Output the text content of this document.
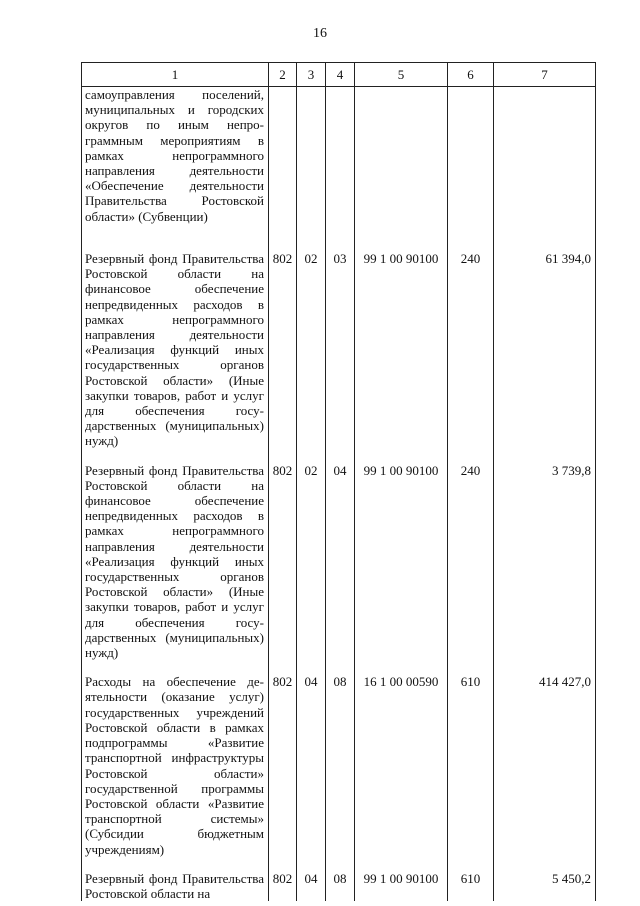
16
1	2	3	4	5	6	7
самоуправления поселений, муниципальных и городских округов по иным непрограммным мероприятиям в рамках непрограммного направления деятельности «Обеспечение деятельности Правительства Ростовской области» (Субвенции)						

Резервный фонд Правительства Ростовской области на финансовое обеспечение непредвиденных расходов в рамках непрограммного направления деятельности «Реализация функций иных государственных органов Ростовской области» (Иные закупки товаров, работ и услуг для обеспечения государственных (муниципальных) нужд)	802	02	03	99 1 00 90100	240	61 394,0

Резервный фонд Правительства Ростовской области на финансовое обеспечение непредвиденных расходов в рамках непрограммного направления деятельности «Реализация функций иных государственных органов Ростовской области» (Иные закупки товаров, работ и услуг для обеспечения государственных (муниципальных) нужд)	802	02	04	99 1 00 90100	240	3 739,8

Расходы на обеспечение деятельности (оказание услуг) государственных учреждений Ростовской области в рамках подпрограммы «Развитие транспортной инфраструктуры Ростовской области» государственной программы Ростовской области «Развитие транспортной системы» (Субсидии бюджетным учреждениям)	802	04	08	16 1 00 00590	610	414 427,0

Резервный фонд Правительства Ростовской области на	802	04	08	99 1 00 90100	610	5 450,2
